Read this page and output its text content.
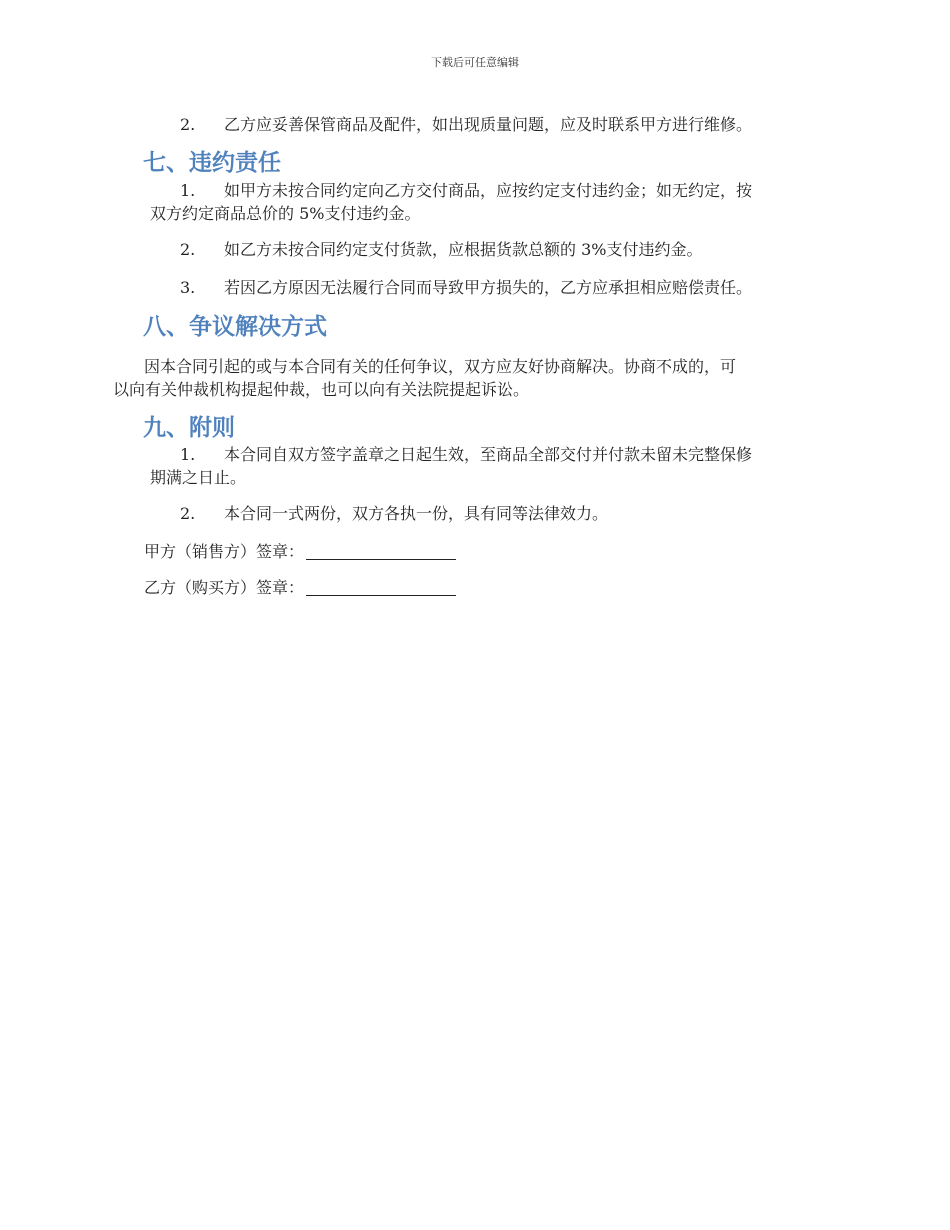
下载后可任意编辑
2. 乙方应妥善保管商品及配件，如出现质量问题，应及时联系甲方进行维修。
七、违约责任
1. 如甲方未按合同约定向乙方交付商品，应按约定支付违约金；如无约定，按
双方约定商品总价的 5%支付违约金。
2. 如乙方未按合同约定支付货款，应根据货款总额的 3%支付违约金。
3. 若因乙方原因无法履行合同而导致甲方损失的，乙方应承担相应赔偿责任。
八、争议解决方式
因本合同引起的或与本合同有关的任何争议，双方应友好协商解决。协商不成的，可
以向有关仲裁机构提起仲裁，也可以向有关法院提起诉讼。
九、附则
1. 本合同自双方签字盖章之日起生效，至商品全部交付并付款未留未完整保修
期满之日止。
2. 本合同一式两份，双方各执一份，具有同等法律效力。
甲方（销售方）签章：
乙方（购买方）签章：
